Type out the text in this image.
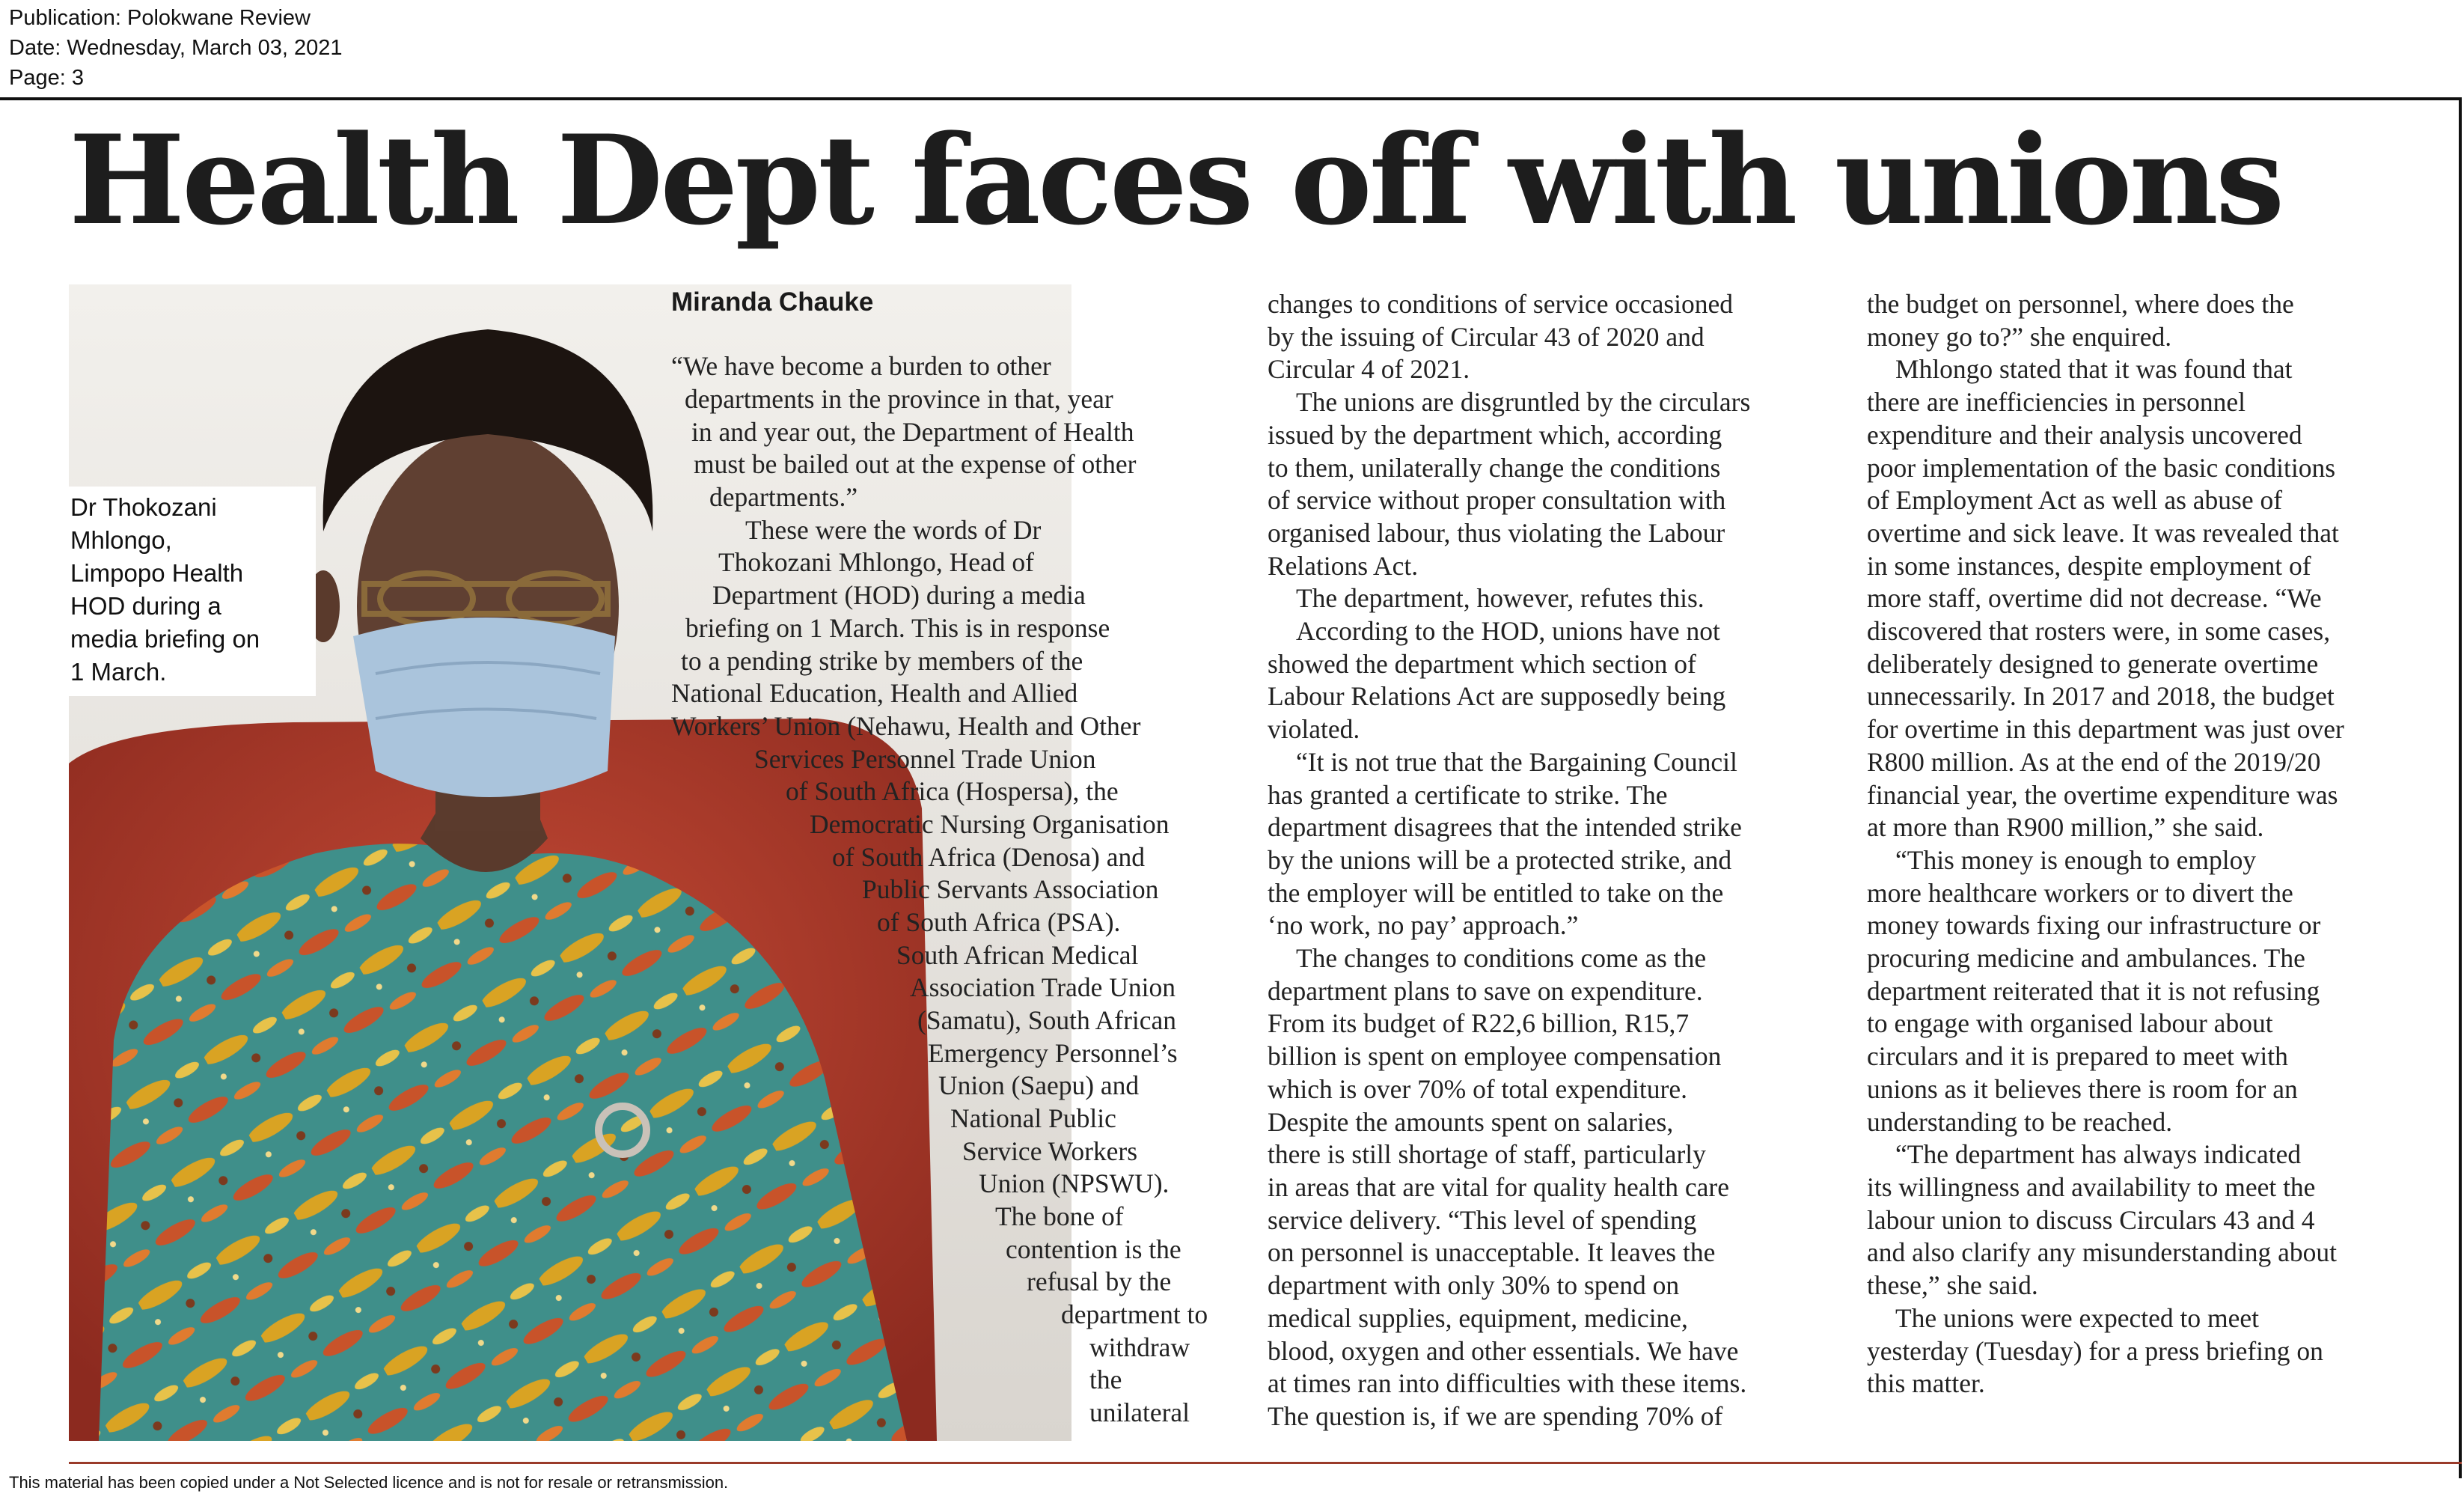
Publication: Polokwane Review
Date: Wednesday, March 03, 2021
Page: 3
Health Dept faces off with unions
Dr Thokozani
Mhlongo,
Limpopo Health
HOD during a
media briefing on
1 March.
Miranda Chauke
“We have become a burden to other
departments in the province in that, year
in and year out, the Department of Health
must be bailed out at the expense of other
departments.”
These were the words of Dr
Thokozani Mhlongo, Head of
Department (HOD) during a media
briefing on 1 March. This is in response
to a pending strike by members of the
National Education, Health and Allied
Workers’ Union (Nehawu, Health and Other
Services Personnel Trade Union
of South Africa (Hospersa), the
Democratic Nursing Organisation
of South Africa (Denosa) and
Public Servants Association
of South Africa (PSA).
South African Medical
Association Trade Union
(Samatu), South African
Emergency Personnel’s
Union (Saepu) and
National Public
Service Workers
Union (NPSWU).
The bone of
contention is the
refusal by the
department to
withdraw
the
unilateral
changes to conditions of service occasioned
by the issuing of Circular 43 of 2020 and
Circular 4 of 2021.
The unions are disgruntled by the circulars
issued by the department which, according
to them, unilaterally change the conditions
of service without proper consultation with
organised labour, thus violating the Labour
Relations Act.
The department, however, refutes this.
According to the HOD, unions have not
showed the department which section of
Labour Relations Act are supposedly being
violated.
“It is not true that the Bargaining Council
has granted a certificate to strike. The
department disagrees that the intended strike
by the unions will be a protected strike, and
the employer will be entitled to take on the
‘no work, no pay’ approach.”
The changes to conditions come as the
department plans to save on expenditure.
From its budget of R22,6 billion, R15,7
billion is spent on employee compensation
which is over 70% of total expenditure.
Despite the amounts spent on salaries,
there is still shortage of staff, particularly
in areas that are vital for quality health care
service delivery. “This level of spending
on personnel is unacceptable. It leaves the
department with only 30% to spend on
medical supplies, equipment, medicine,
blood, oxygen and other essentials. We have
at times ran into difficulties with these items.
The question is, if we are spending 70% of
the budget on personnel, where does the
money go to?” she enquired.
Mhlongo stated that it was found that
there are inefficiencies in personnel
expenditure and their analysis uncovered
poor implementation of the basic conditions
of Employment Act as well as abuse of
overtime and sick leave. It was revealed that
in some instances, despite employment of
more staff, overtime did not decrease. “We
discovered that rosters were, in some cases,
deliberately designed to generate overtime
unnecessarily. In 2017 and 2018, the budget
for overtime in this department was just over
R800 million. As at the end of the 2019/20
financial year, the overtime expenditure was
at more than R900 million,” she said.
“This money is enough to employ
more healthcare workers or to divert the
money towards fixing our infrastructure or
procuring medicine and ambulances. The
department reiterated that it is not refusing
to engage with organised labour about
circulars and it is prepared to meet with
unions as it believes there is room for an
understanding to be reached.
“The department has always indicated
its willingness and availability to meet the
labour union to discuss Circulars 43 and 4
and also clarify any misunderstanding about
these,” she said.
The unions were expected to meet
yesterday (Tuesday) for a press briefing on
this matter.
This material has been copied under a Not Selected licence and is not for resale or retransmission.
